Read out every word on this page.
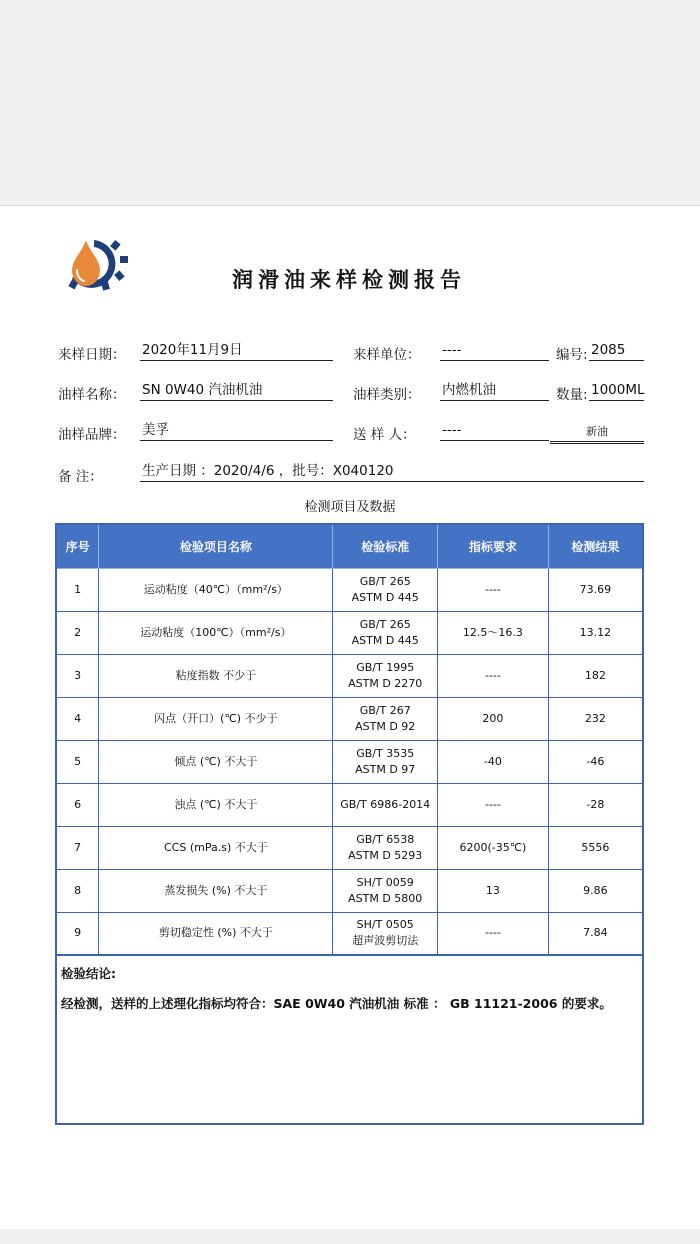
润滑油来样检测报告
来样日期： 2020年11月9日	来样单位： ----	编号: 2085
油样名称： SN 0W40 汽油机油	油样类别： 内燃机油	数量: 1000ML
油样品牌： 美孚	送 样 人： ----	新油
备 注：	生产日期 ：2020/4/6 ，批号：X040120
检测项目及数据
序号	检验项目名称	检验标准	指标要求	检测结果
1	运动粘度（40℃）（mm²/s）	GB/T 265
ASTM D 445	----	73.69
2	运动粘度（100℃）（mm²/s）	GB/T 265
ASTM D 445	12.5～16.3	13.12
3	粘度指数 不少于	GB/T 1995
ASTM D 2270	----	182
4	闪点（开口）(℃) 不少于	GB/T 267
ASTM D 92	200	232
5	倾点 (℃) 不大于	GB/T 3535
ASTM D 97	-40	-46
6	浊点 (℃) 不大于	GB/T 6986-2014	----	-28
7	CCS (mPa.s) 不大于	GB/T 6538
ASTM D 5293	6200(-35℃)	5556
8	蒸发损失 (%) 不大于	SH/T 0059
ASTM D 5800	13	9.86
9	剪切稳定性 (%) 不大于	SH/T 0505
超声波剪切法	----	7.84
检验结论:
经检测，送样的上述理化指标均符合：SAE 0W40 汽油机油 标准 ： GB 11121-2006 的要求。
